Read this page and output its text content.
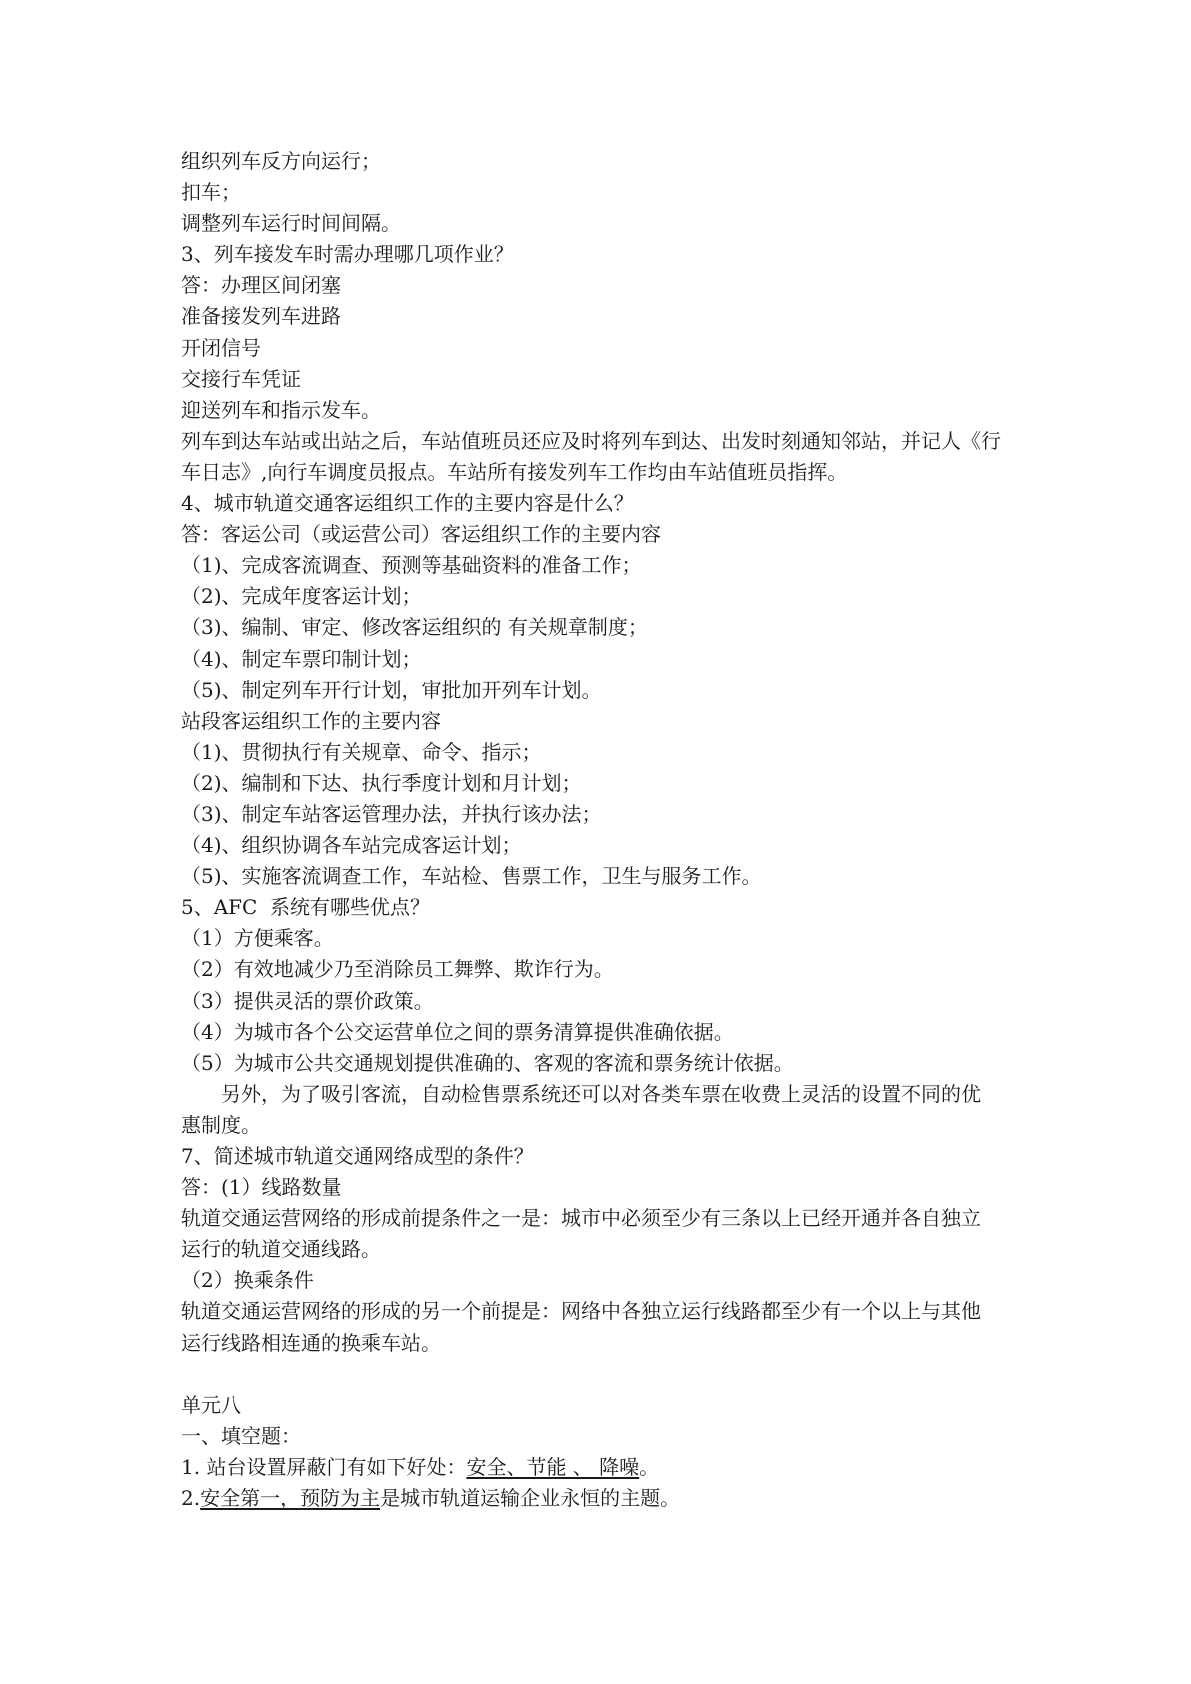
组织列车反方向运行；
扣车；
调整列车运行时间间隔。
3、列车接发车时需办理哪几项作业？
答：办理区间闭塞
准备接发列车进路
开闭信号
交接行车凭证
迎送列车和指示发车。
列车到达车站或出站之后，车站值班员还应及时将列车到达、出发时刻通知邻站，并记人《行
车日志》,向行车调度员报点。车站所有接发列车工作均由车站值班员指挥。
4、城市轨道交通客运组织工作的主要内容是什么？
答：客运公司（或运营公司）客运组织工作的主要内容
（1)、完成客流调查、预测等基础资料的准备工作；
（2)、完成年度客运计划；
（3)、编制、审定、修改客运组织的 有关规章制度；
（4)、制定车票印制计划；
（5)、制定列车开行计划，审批加开列车计划。
站段客运组织工作的主要内容
（1)、贯彻执行有关规章、命令、指示；
（2)、编制和下达、执行季度计划和月计划；
（3)、制定车站客运管理办法，并执行该办法；
（4)、组织协调各车站完成客运计划；
（5)、实施客流调查工作，车站检、售票工作，卫生与服务工作。
5、AFC  系统有哪些优点？
（1）方便乘客。
（2）有效地减少乃至消除员工舞弊、欺诈行为。
（3）提供灵活的票价政策。
（4）为城市各个公交运营单位之间的票务清算提供准确依据。
（5）为城市公共交通规划提供准确的、客观的客流和票务统计依据。
另外，为了吸引客流，自动检售票系统还可以对各类车票在收费上灵活的设置不同的优
惠制度。
7、简述城市轨道交通网络成型的条件？
答：(1）线路数量
轨道交通运营网络的形成前提条件之一是：城市中必须至少有三条以上已经开通并各自独立
运行的轨道交通线路。
（2）换乘条件
轨道交通运营网络的形成的另一个前提是：网络中各独立运行线路都至少有一个以上与其他
运行线路相连通的换乘车站。
单元八
一、填空题：
1. 站台设置屏蔽门有如下好处：安全、节能 、 降噪。
2.安全第一，预防为主是城市轨道运输企业永恒的主题。
